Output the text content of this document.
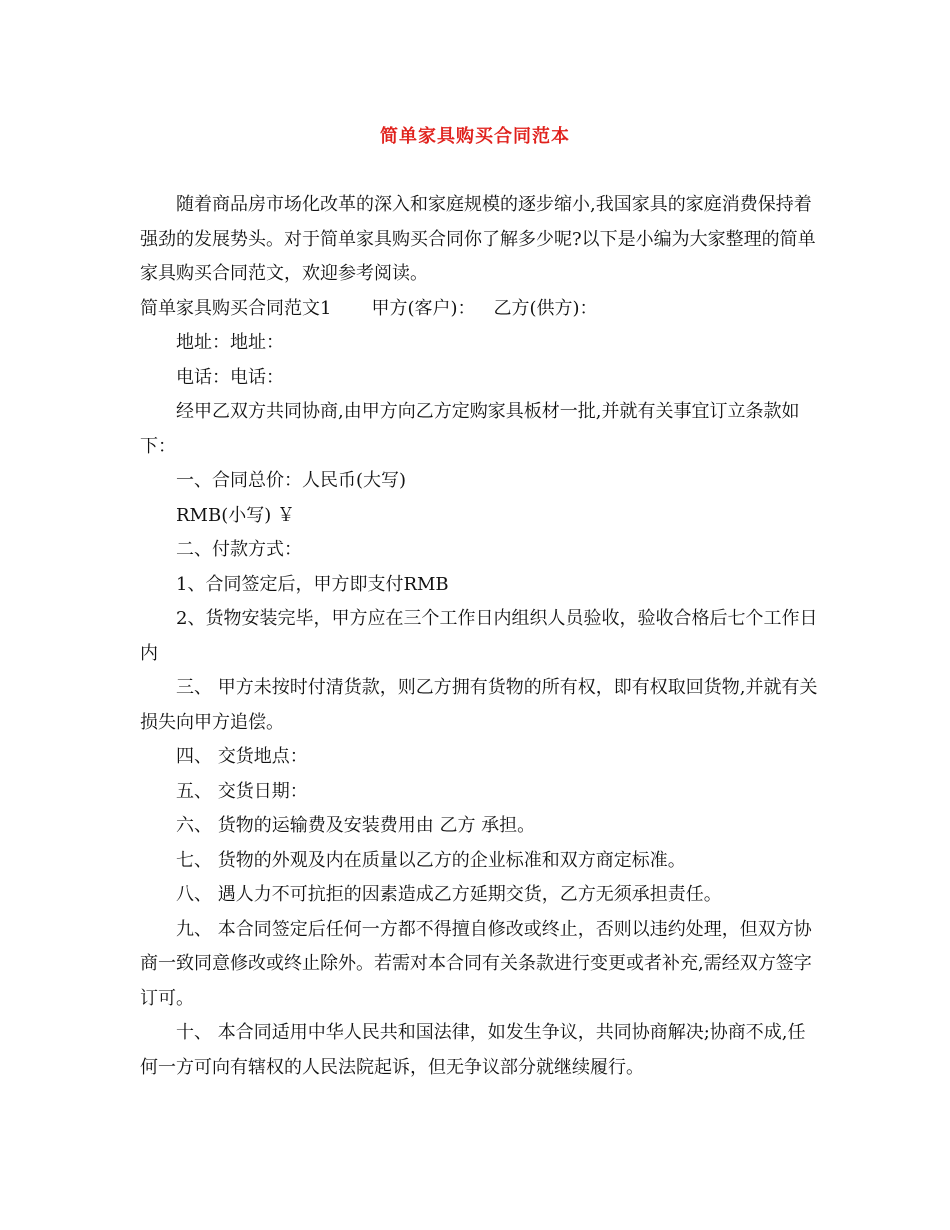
简单家具购买合同范本

随着商品房市场化改革的深入和家庭规模的逐步缩小,我国家具的家庭消费保持着强劲的发展势头。对于简单家具购买合同你了解多少呢?以下是小编为大家整理的简单家具购买合同范文，欢迎参考阅读。

简单家具购买合同范文1 甲方(客户)： 乙方(供方)：

地址：地址：

电话：电话：

经甲乙双方共同协商,由甲方向乙方定购家具板材一批,并就有关事宜订立条款如下：

一、合同总价：人民币(大写)

RMB(小写) ￥

二、付款方式：

1、合同签定后，甲方即支付RMB

2、货物安装完毕，甲方应在三个工作日内组织人员验收，验收合格后七个工作日内

三、 甲方未按时付清货款，则乙方拥有货物的所有权，即有权取回货物,并就有关损失向甲方追偿。

四、 交货地点：

五、 交货日期：

六、 货物的运输费及安装费用由 乙方 承担。

七、 货物的外观及内在质量以乙方的企业标准和双方商定标准。

八、 遇人力不可抗拒的因素造成乙方延期交货，乙方无须承担责任。

九、 本合同签定后任何一方都不得擅自修改或终止，否则以违约处理，但双方协商一致同意修改或终止除外。若需对本合同有关条款进行变更或者补充,需经双方签字订可。

十、 本合同适用中华人民共和国法律，如发生争议，共同协商解决;协商不成,任何一方可向有辖权的人民法院起诉，但无争议部分就继续履行。
